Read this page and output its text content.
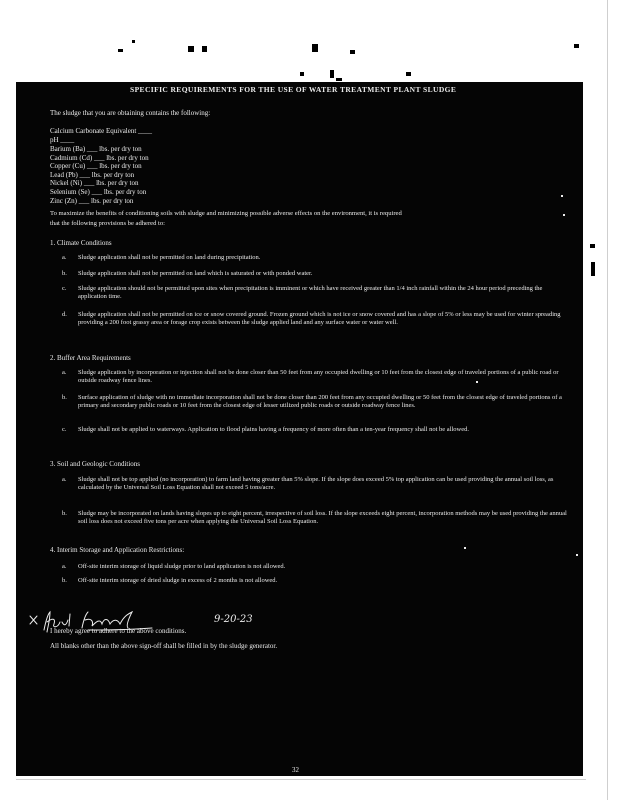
SPECIFIC REQUIREMENTS FOR THE USE OF WATER TREATMENT PLANT SLUDGE
The sludge that you are obtaining contains the following:
Calcium Carbonate Equivalent ____
pH ____
Barium (Ba) ___ lbs. per dry ton
Cadmium (Cd) ___ lbs. per dry ton
Copper (Cu) ___ lbs. per dry ton
Lead (Pb) ___ lbs. per dry ton
Nickel (Ni) ___ lbs. per dry ton
Selenium (Se) ___ lbs. per dry ton
Zinc (Zn) ___ lbs. per dry ton
To maximize the benefits of conditioning soils with sludge and minimizing possible adverse effects on the environment, it is required
that the following provisions be adhered to:
1. Climate Conditions
a.	Sludge application shall not be permitted on land during precipitation.
b.	Sludge application shall not be permitted on land which is saturated or with ponded water.
c.	Sludge application should not be permitted upon sites when precipitation is imminent or which have received greater than 1/4 inch rainfall within the 24 hour period preceding the application time.
d.	Sludge application shall not be permitted on ice or snow covered ground. Frozen ground which is not ice or snow covered and has a slope of 5% or less may be used for winter spreading providing a 200 foot grassy area or forage crop exists between the sludge applied land and any surface water or water well.
2. Buffer Area Requirements
a.	Sludge application by incorporation or injection shall not be done closer than 50 feet from any occupied dwelling or 10 feet from the closest edge of traveled portions of a public road or outside roadway fence lines.
b.	Surface application of sludge with no immediate incorporation shall not be done closer than 200 feet from any occupied dwelling or 50 feet from the closest edge of traveled portions of a primary and secondary public roads or 10 feet from the closest edge of lesser utilized public roads or outside roadway fence lines.
c.	Sludge shall not be applied to waterways. Application to flood plains having a frequency of more often than a ten-year frequency shall not be allowed.
3. Soil and Geologic Conditions
a.	Sludge shall not be top applied (no incorporation) to farm land having greater than 5% slope. If the slope does exceed 5% top application can be used providing the annual soil loss, as calculated by the Universal Soil Loss Equation shall not exceed 5 tons/acre.
b.	Sludge may be incorporated on lands having slopes up to eight percent, irrespective of soil loss. If the slope exceeds eight percent, incorporation methods may be used providing the annual soil loss does not exceed five tons per acre when applying the Universal Soil Loss Equation.
4. Interim Storage and Application Restrictions:
a.	Off-site interim storage of liquid sludge prior to land application is not allowed.
b.	Off-site interim storage of dried sludge in excess of 2 months is not allowed.
9-20-23
I hereby agree to adhere to the above conditions.
All blanks other than the above sign-off shall be filled in by the sludge generator.
32
